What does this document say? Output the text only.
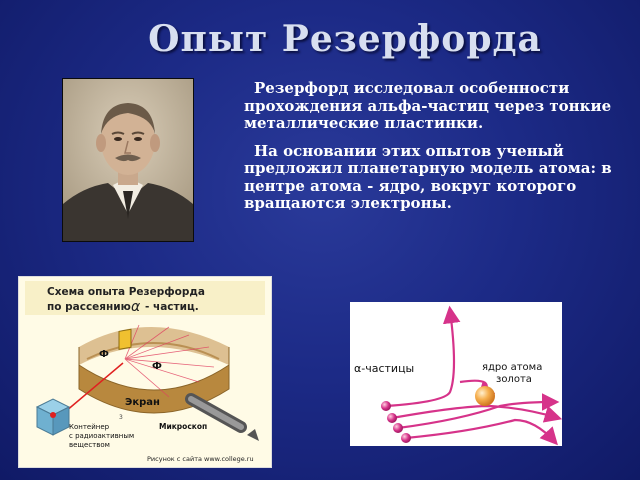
Опыт Резерфорда

Резерфорд исследовал особенности прохождения альфа-частиц через тонкие металлические пластинки.

На основании этих опытов ученый предложил планетарную модель атома: в центре атома - ядро, вокруг которого вращаются электроны.

Схема опыта Резерфорда
по рассеянию α - частиц.
Ф
Ф
Экран
3
Контейнер
с радиоактивным
веществом
Микроскоп
Рисунок с сайта www.college.ru
α-частицы	ядро атома
золота
